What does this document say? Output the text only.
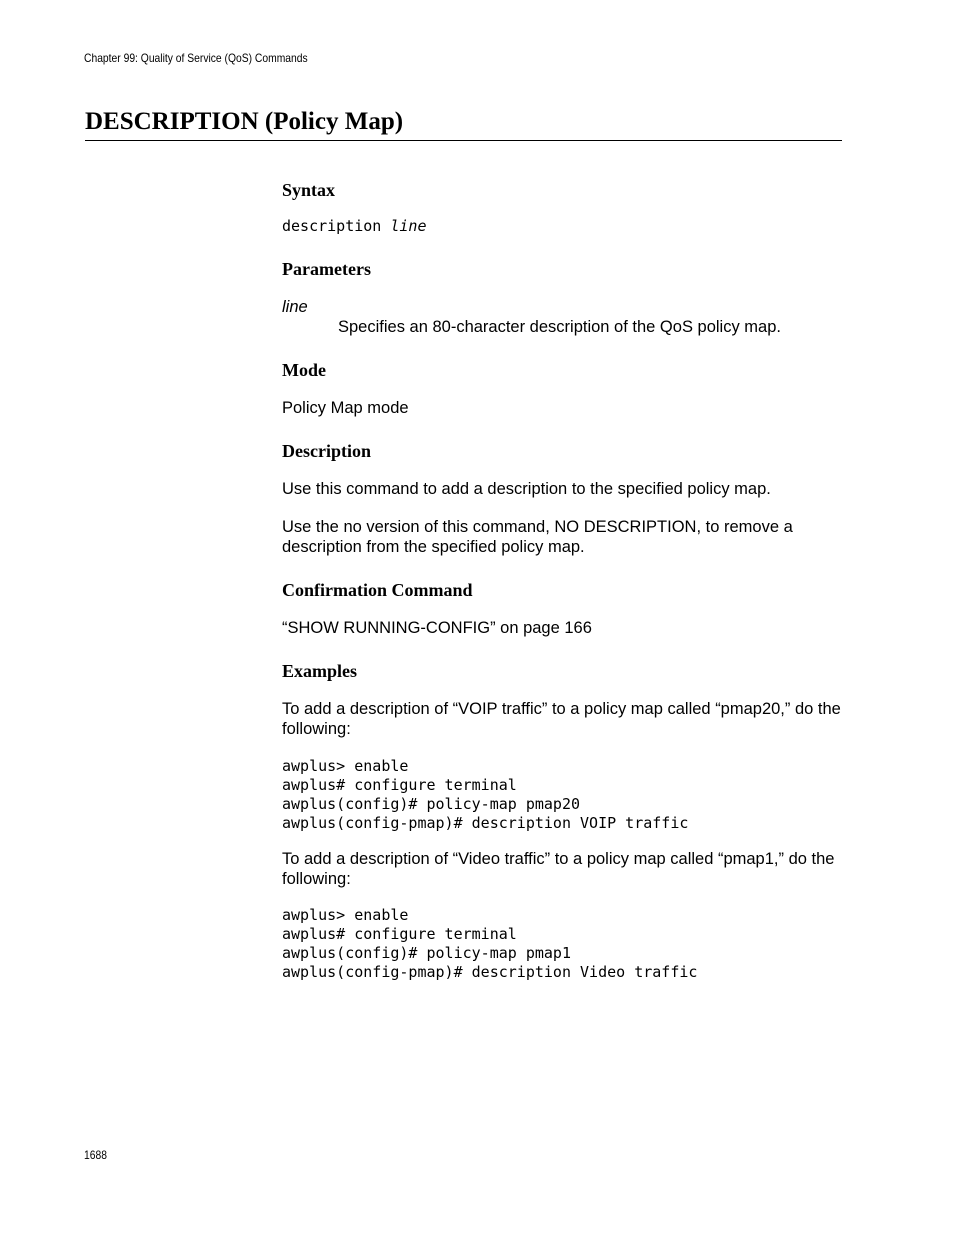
Chapter 99: Quality of Service (QoS) Commands
DESCRIPTION (Policy Map)
Syntax
description line
Parameters
line
Specifies an 80-character description of the QoS policy map.
Mode
Policy Map mode
Description
Use this command to add a description to the specified policy map.
Use the no version of this command, NO DESCRIPTION, to remove a description from the specified policy map.
Confirmation Command
“SHOW RUNNING-CONFIG” on page 166
Examples
To add a description of “VOIP traffic” to a policy map called “pmap20,” do the following:
awplus> enable
awplus# configure terminal
awplus(config)# policy-map pmap20
awplus(config-pmap)# description VOIP traffic
To add a description of “Video traffic” to a policy map called “pmap1,” do the following:
awplus> enable
awplus# configure terminal
awplus(config)# policy-map pmap1
awplus(config-pmap)# description Video traffic
1688
